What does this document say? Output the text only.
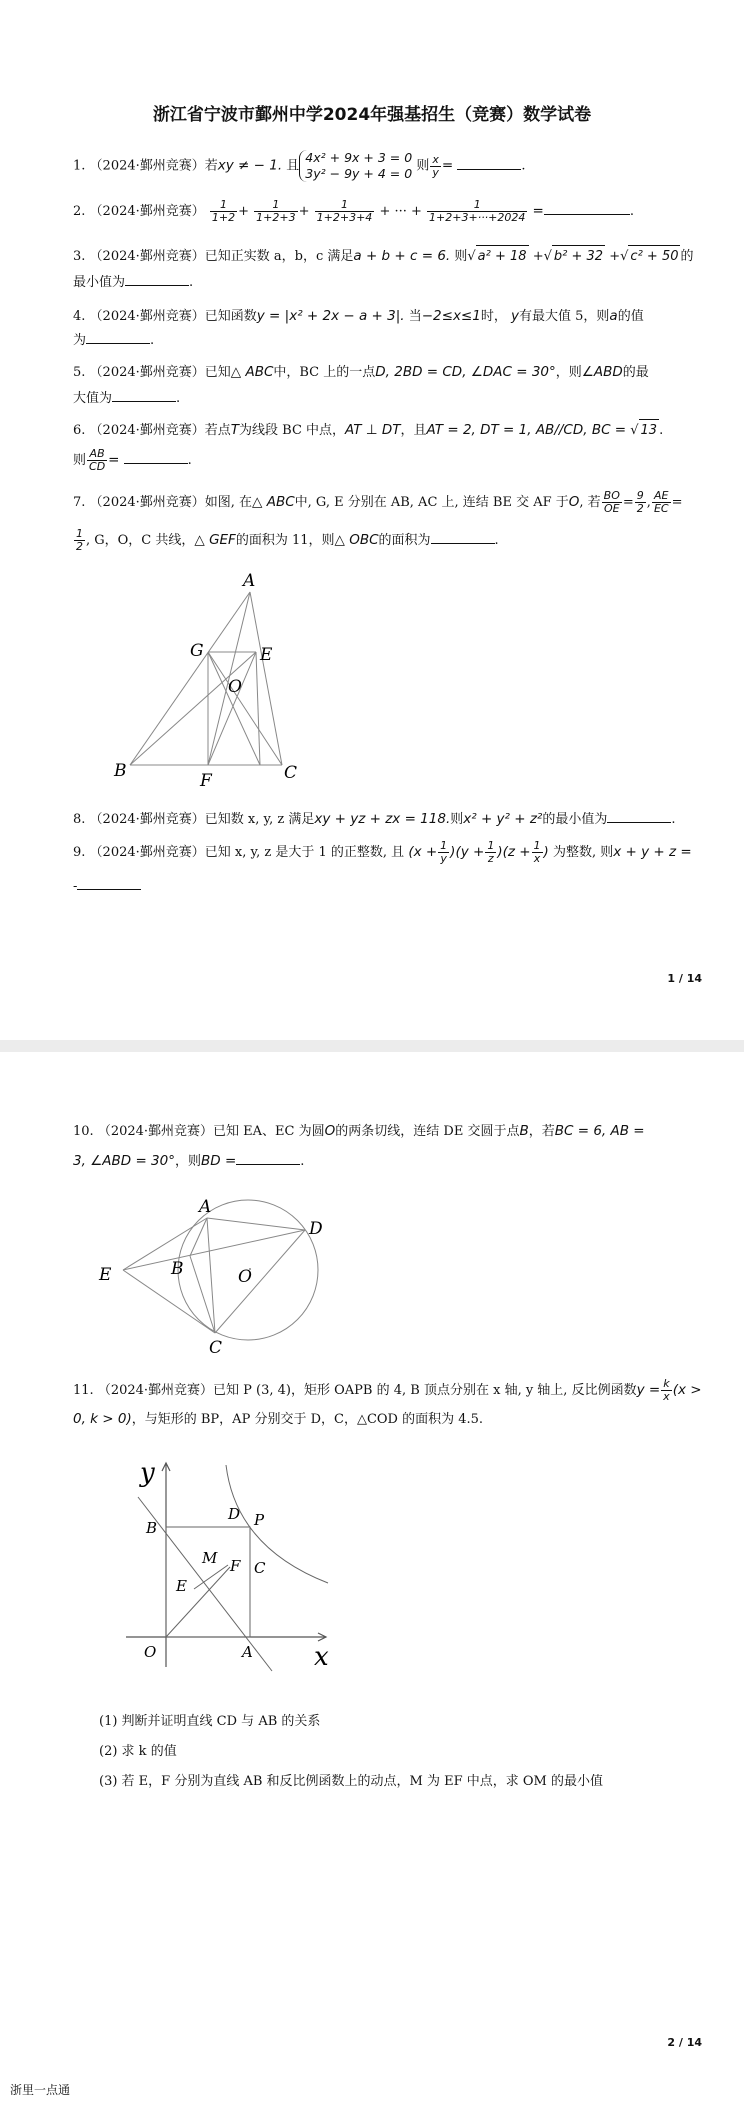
浙江省宁波市鄞州中学2024年强基招生（竞赛）数学试卷
1. （2024·鄞州竞赛）若xy ≠ − 1. 且
4x² + 9x + 3 = 0
3y² − 9y + 4 = 0 则 $\frac{x}{y}$ =	.
2. （2024·鄞州竞赛） $\frac{1}{1+2} + \frac{1}{1+2+3} + \frac{1}{1+2+3+4}$ + ··· + $\frac{1}{1+2+3+\cdot\cdot\cdot+2024}$ =	.
3. （2024·鄞州竞赛）已知正实数 a，b，c 满足a + b + c = 6. 则√ a² + 18 +√ b² + 32 +√ c² + 50 的
最小值为	.
4. （2024·鄞州竞赛）已知函数y = |x² + 2x − a + 3|. 当−2≤x≤1时， y有最大值 5，则a的值
为	.
5. （2024·鄞州竞赛）已知△ ABC中，BC 上的一点D, 2BD = CD, ∠DAC = 30°，则∠ABD的最
大值为	.
6. （2024·鄞州竞赛）若点T为线段 BC 中点，AT ⊥ DT，且AT = 2, DT = 1, AB//CD, BC = √ 13 .
则 $\frac{AB}{CD}$ =	.
7. （2024·鄞州竞赛）如图, 在△ ABC中, G, E 分别在 AB, AC 上, 连结 BE 交 AF 于O, 若 $\frac{BO}{OE} = \frac{9}{2}$ , $\frac{AE}{EC}$ =
$\frac{1}{2}$ , G，O，C 共线，△ GEF的面积为 11，则△ OBC的面积为	.
A
G	E
O
B	F	C
8. （2024·鄞州竞赛）已知数 x, y, z 满足xy + yz + zx = 118.则x² + y² + z²的最小值为	.
9. （2024·鄞州竞赛）已知 x, y, z 是大于 1 的正整数, 且 $(x + \frac{1}{y} )(y + \frac{1}{z} )(z + \frac{1}{x}$ ) 为整数, 则x + y + z =
-
1 / 14
10. （2024·鄞州竞赛）已知 EA、EC 为圆O的两条切线，连结 DE 交圆于点B，若BC = 6, AB =
3, ∠ABD = 30°，则BD =	.
A
D
E	B	O
C
11. （2024·鄞州竞赛）已知 P (3, 4)，矩形 OAPB 的 4, B 顶点分别在 x 轴, y 轴上, 反比例函数$y = \frac{k}{x} (x$ >
0, k > 0)，与矩形的 BP，AP 分别交于 D，C，△COD 的面积为 4.5.
y
x
D P
B
M F C
E
O	A
(1) 判断并证明直线 CD 与 AB 的关系
(2) 求 k 的值
(3) 若 E，F 分别为直线 AB 和反比例函数上的动点，M 为 EF 中点，求 OM 的最小值
2 / 14
浙里一点通
